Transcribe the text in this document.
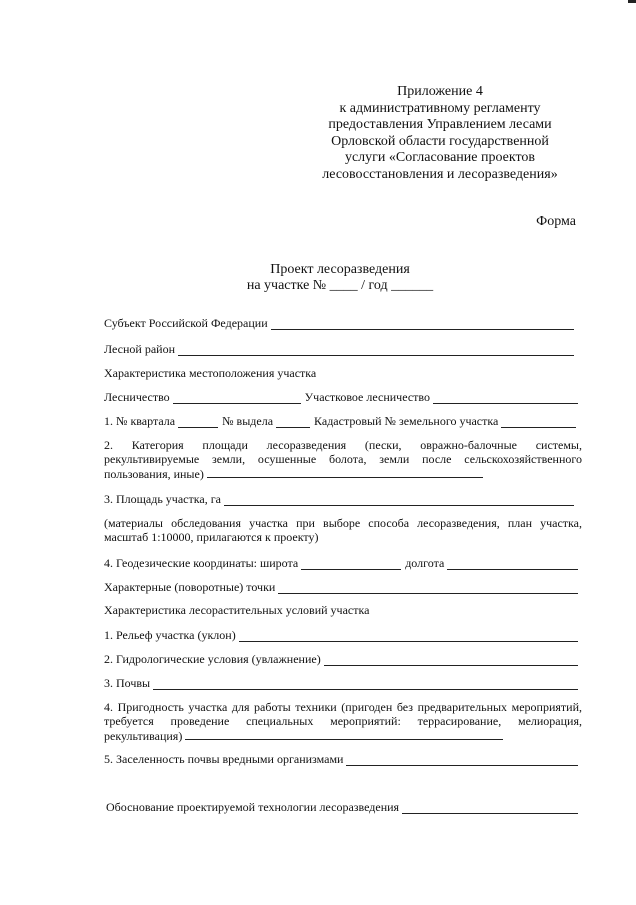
Приложение 4
к административному регламенту
предоставления Управлением лесами
Орловской области государственной
услуги «Согласование проектов
лесовосстановления и лесоразведения»
Форма
Проект лесоразведения
на участке № ____ / год ______
Субъект Российской Федерации
Лесной район
Характеристика местоположения участка
Лесничество	Участковое лесничество
1. № квартала	№ выдела	Кадастровый № земельного участка
2. Категория площади лесоразведения (пески, овражно-балочные системы, рекультивируемые земли, осушенные болота, земли после сельскохозяйственного пользования, иные)
3. Площадь участка, га
(материалы обследования участка при выборе способа лесоразведения, план участка, масштаб 1:10000, прилагаются к проекту)
4. Геодезические координаты: широта	долгота
Характерные (поворотные) точки
Характеристика лесорастительных условий участка
1. Рельеф участка (уклон)
2. Гидрологические условия (увлажнение)
3. Почвы
4. Пригодность участка для работы техники (пригоден без предварительных мероприятий, требуется проведение специальных мероприятий: террасирование, мелиорация, рекультивация)
5. Заселенность почвы вредными организмами
Обоснование проектируемой технологии лесоразведения
